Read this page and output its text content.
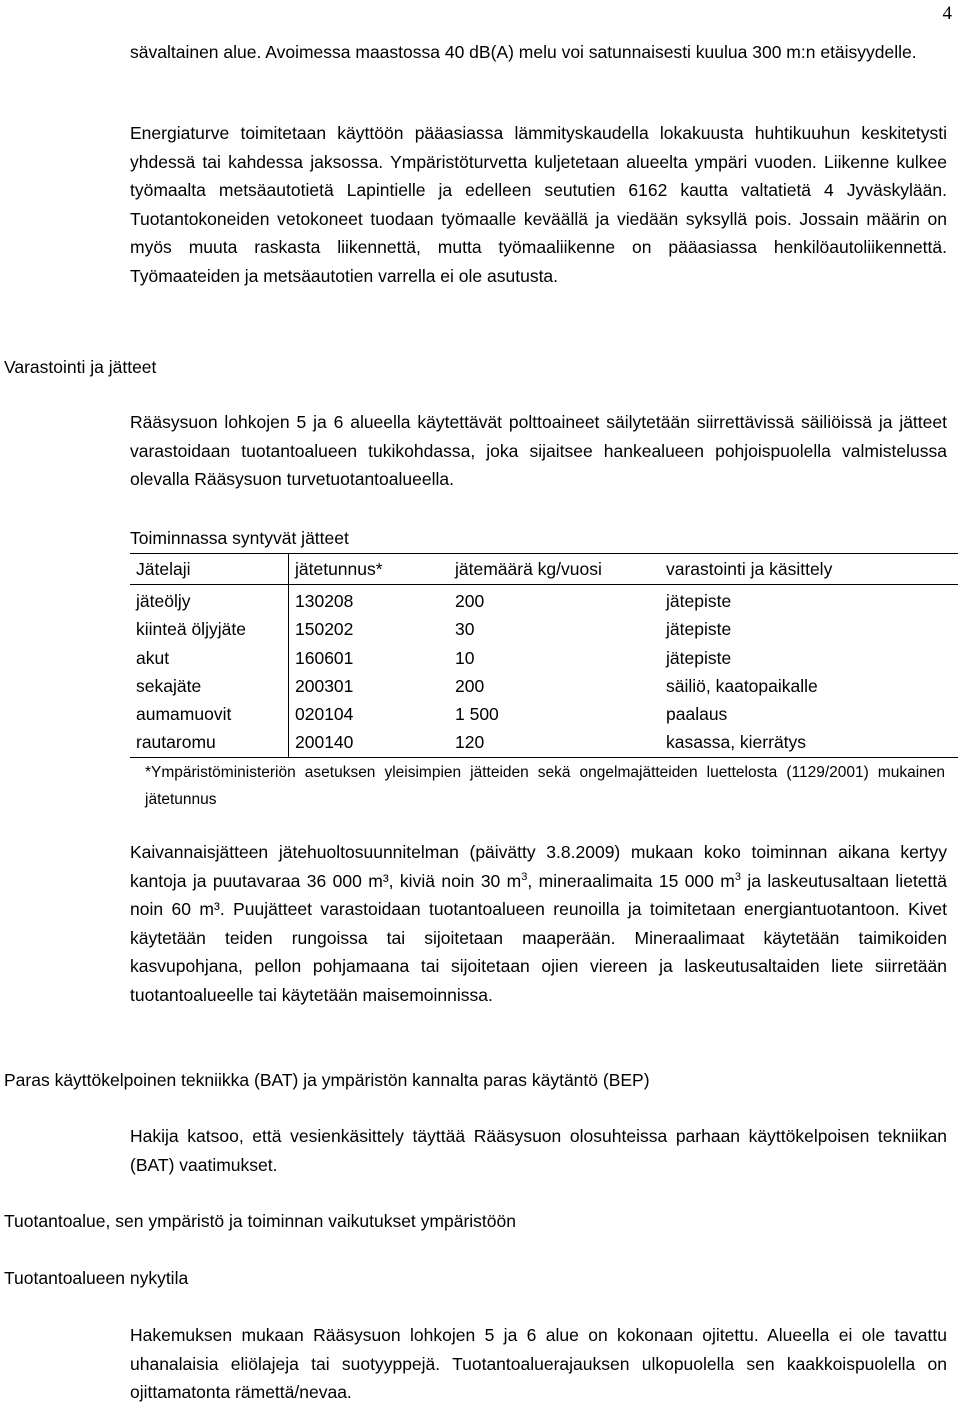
4

sävaltainen alue. Avoimessa maastossa 40 dB(A) melu voi satunnaisesti kuulua 300 m:n etäisyydelle.

Energiaturve toimitetaan käyttöön pääasiassa lämmityskaudella lokakuusta huhtikuuhun keskitetysti yhdessä tai kahdessa jaksossa. Ympäristöturvetta kuljetetaan alueelta ympäri vuoden. Liikenne kulkee työmaalta metsäautotietä Lapintielle ja edelleen seututien 6162 kautta valtatietä 4 Jyväskylään. Tuotantokoneiden vetokoneet tuodaan työmaalle keväällä ja viedään syksyllä pois. Jossain määrin on myös muuta raskasta liikennettä, mutta työmaaliikenne on pääasiassa henkilöautoliikennettä. Työmaateiden ja metsäautotien varrella ei ole asutusta.

Varastointi ja jätteet

Rääsysuon lohkojen 5 ja 6 alueella käytettävät polttoaineet säilytetään siirrettävissä säiliöissä ja jätteet varastoidaan tuotantoalueen tukikohdassa, joka sijaitsee hankealueen pohjoispuolella valmistelussa olevalla Rääsysuon turvetuotantoalueella.

Toiminnassa syntyvät jätteet
Jätelaji	jätetunnus*	jätemäärä kg/vuosi	varastointi ja käsittely
jäteöljy	130208	200	jätepiste
kiinteä öljyjäte	150202	30	jätepiste
akut	160601	10	jätepiste
sekajäte	200301	200	säiliö, kaatopaikalle
aumamuovit	020104	1 500	paalaus
rautaromu	200140	120	kasassa, kierrätys

*Ympäristöministeriön asetuksen yleisimpien jätteiden sekä ongelmajätteiden luettelosta (1129/2001) mukainen jätetunnus

Kaivannaisjätteen jätehuoltosuunnitelman (päivätty 3.8.2009) mukaan koko toiminnan aikana kertyy kantoja ja puutavaraa 36 000 m³, kiviä noin 30 $m^3$, mineraalimaita 15 000 $m^3$ ja laskeutusaltaan lietettä noin 60 m³. Puujätteet varastoidaan tuotantoalueen reunoilla ja toimitetaan energiantuotantoon. Kivet käytetään teiden rungoissa tai sijoitetaan maaperään. Mineraalimaat käytetään taimikoiden kasvupohjana, pellon pohjamaana tai sijoitetaan ojien viereen ja laskeutusaltaiden liete siirretään tuotantoalueelle tai käytetään maisemoinnissa.

Paras käyttökelpoinen tekniikka (BAT) ja ympäristön kannalta paras käytäntö (BEP)

Hakija katsoo, että vesienkäsittely täyttää Rääsysuon olosuhteissa parhaan käyttökelpoisen tekniikan (BAT) vaatimukset.

Tuotantoalue, sen ympäristö ja toiminnan vaikutukset ympäristöön
Tuotantoalueen nykytila

Hakemuksen mukaan Rääsysuon lohkojen 5 ja 6 alue on kokonaan ojitettu. Alueella ei ole tavattu uhanalaisia eliölajeja tai suotyyppejä. Tuotantoaluerajauksen ulkopuolella sen kaakkoispuolella on ojittamatonta rämettä/nevaa.
